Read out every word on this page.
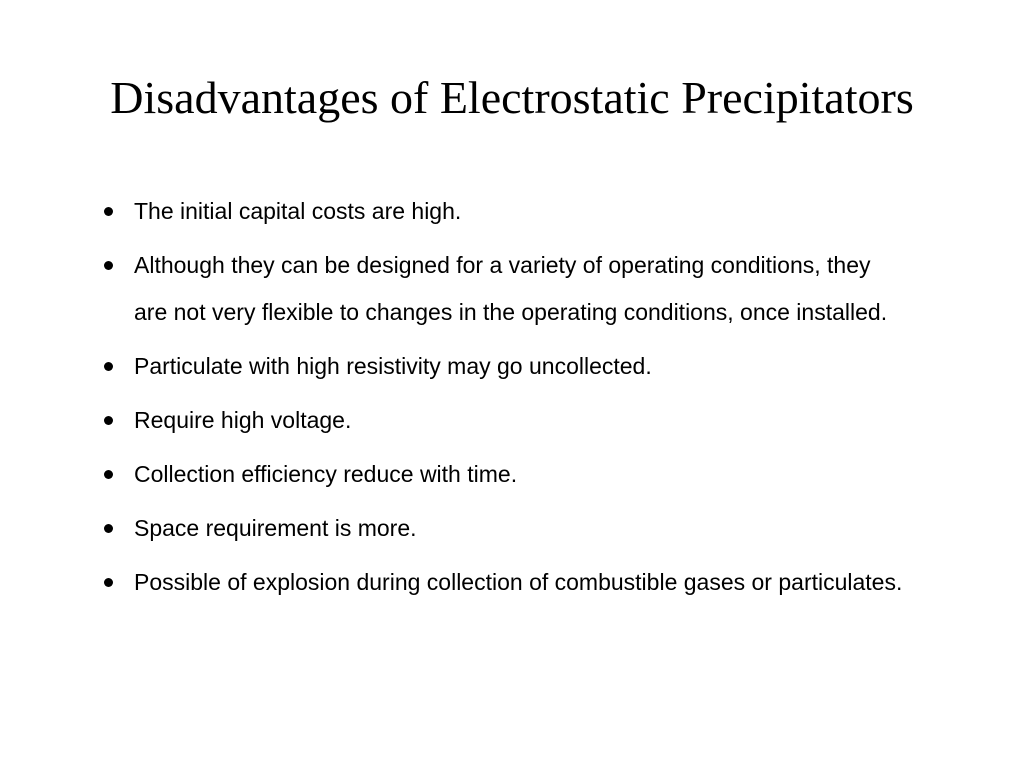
Disadvantages of Electrostatic Precipitators
The initial capital costs are high.
Although they can be designed for a variety of operating conditions, they are not very flexible to changes in the operating conditions, once installed.
Particulate with high resistivity may go uncollected.
Require high voltage.
Collection efficiency reduce with time.
Space requirement is more.
Possible of explosion during collection of combustible gases or particulates.
